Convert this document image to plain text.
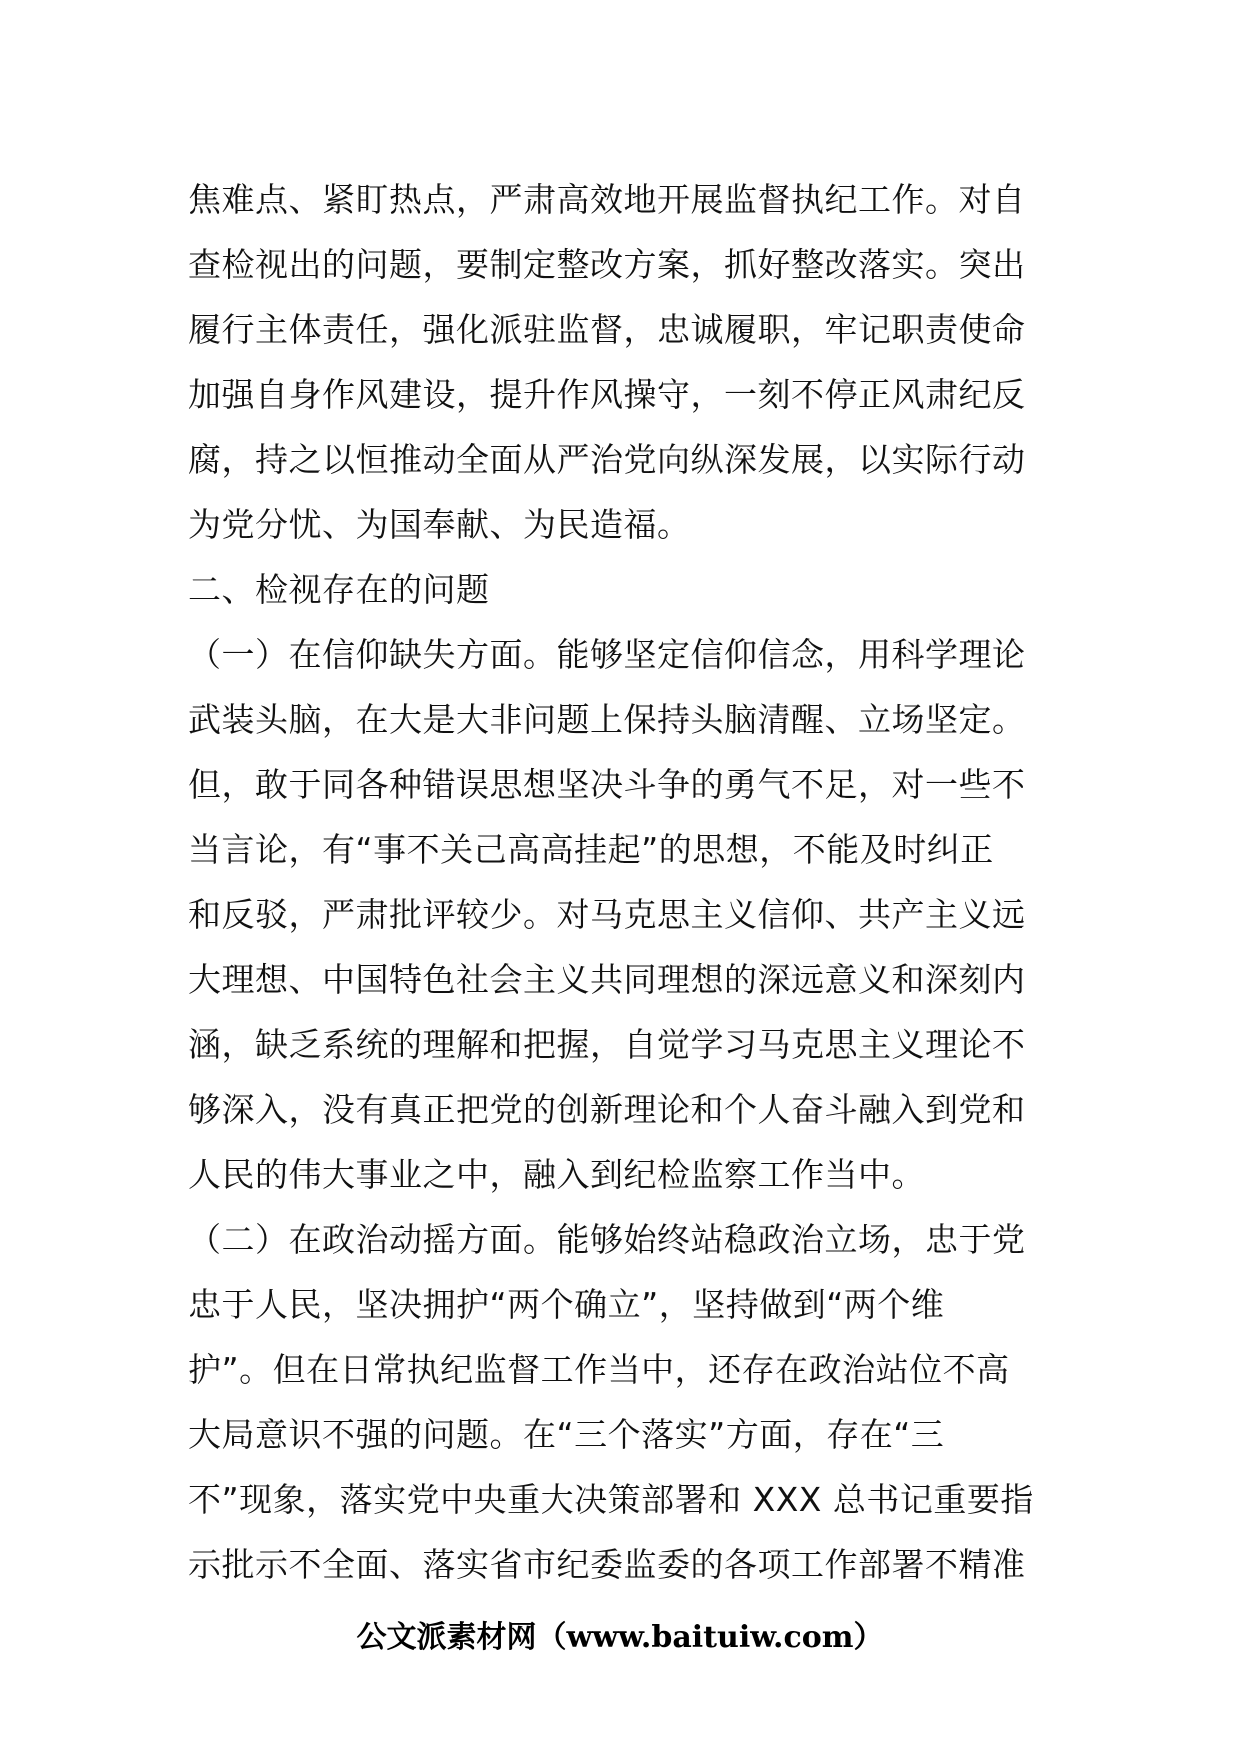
焦难点、紧盯热点，严肃高效地开展监督执纪工作。对自
查检视出的问题，要制定整改方案，抓好整改落实。突出
履行主体责任，强化派驻监督，忠诚履职，牢记职责使命
加强自身作风建设，提升作风操守，一刻不停正风肃纪反
腐，持之以恒推动全面从严治党向纵深发展，以实际行动
为党分忧、为国奉献、为民造福。
二、检视存在的问题
（一）在信仰缺失方面。能够坚定信仰信念，用科学理论
武装头脑，在大是大非问题上保持头脑清醒、立场坚定。
但，敢于同各种错误思想坚决斗争的勇气不足，对一些不
当言论，有“事不关己高高挂起”的思想，不能及时纠正
和反驳，严肃批评较少。对马克思主义信仰、共产主义远
大理想、中国特色社会主义共同理想的深远意义和深刻内
涵，缺乏系统的理解和把握，自觉学习马克思主义理论不
够深入，没有真正把党的创新理论和个人奋斗融入到党和
人民的伟大事业之中，融入到纪检监察工作当中。
（二）在政治动摇方面。能够始终站稳政治立场，忠于党
忠于人民，坚决拥护“两个确立”，坚持做到“两个维
护”。但在日常执纪监督工作当中，还存在政治站位不高
大局意识不强的问题。在“三个落实”方面，存在“三
不”现象，落实党中央重大决策部署和 XXX 总书记重要指
示批示不全面、落实省市纪委监委的各项工作部署不精准
公文派素材网（www.baituiw.com）
